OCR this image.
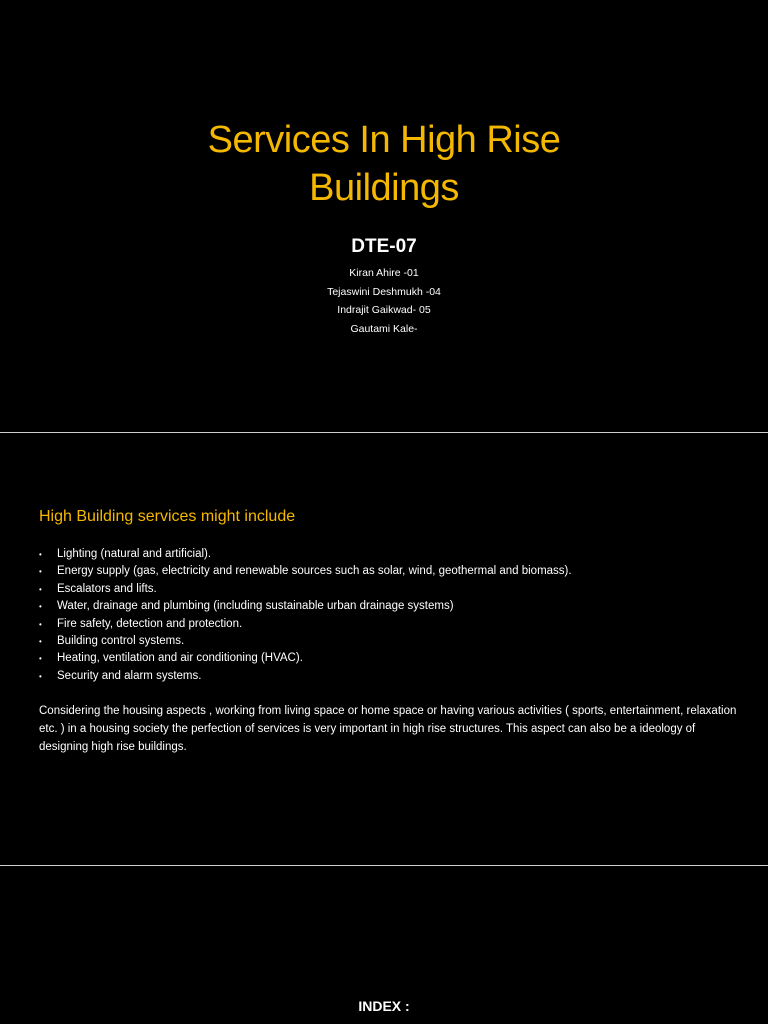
Services In High Rise
Buildings
DTE-07
Kiran Ahire -01
Tejaswini Deshmukh -04
Indrajit Gaikwad- 05
Gautami Kale-
High Building services might include
• Lighting (natural and artificial).
• Energy supply (gas, electricity and renewable sources such as solar, wind, geothermal and biomass).
• Escalators and lifts.
• Water, drainage and plumbing (including sustainable urban drainage systems)
• Fire safety, detection and protection.
• Building control systems.
• Heating, ventilation and air conditioning (HVAC).
• Security and alarm systems.

Considering the housing aspects , working from living space or home space or having various activities ( sports, entertainment, relaxation etc. ) in a housing society the perfection of services is very important in high rise structures. This aspect can also be a ideology of designing high rise buildings.

INDEX :
